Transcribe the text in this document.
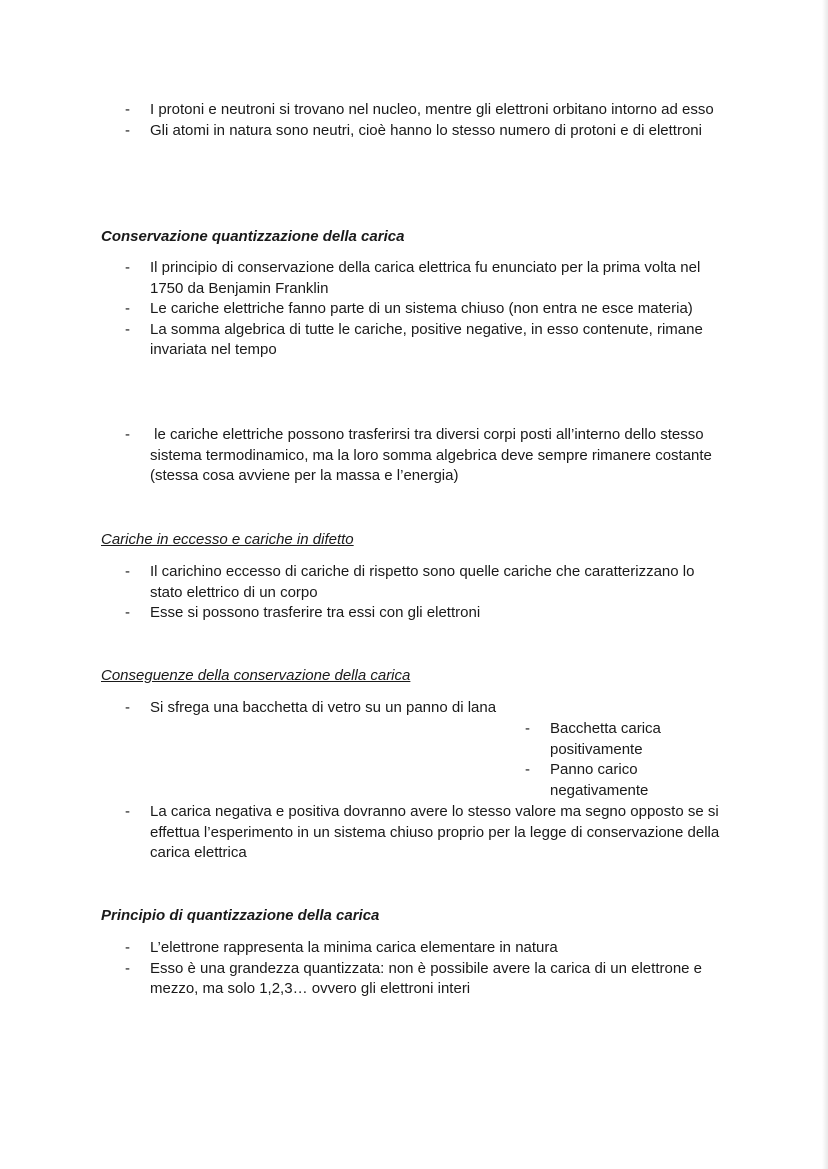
- I protoni e neutroni si trovano nel nucleo, mentre gli elettroni orbitano intorno ad esso
- Gli atomi in natura sono neutri, cioè hanno lo stesso numero di protoni e di elettroni
Conservazione quantizzazione della carica
- Il principio di conservazione della carica elettrica fu enunciato per la prima volta nel 1750 da Benjamin Franklin
- Le cariche elettriche fanno parte di un sistema chiuso (non entra ne esce materia)
- La somma algebrica di tutte le cariche, positive negative, in esso contenute, rimane invariata nel tempo
- le cariche elettriche possono trasferirsi tra diversi corpi posti all’interno dello stesso sistema termodinamico, ma la loro somma algebrica deve sempre rimanere costante (stessa cosa avviene per la massa e l’energia)
Cariche in eccesso e cariche in difetto
- Il carichino eccesso di cariche di rispetto sono quelle cariche che caratterizzano lo stato elettrico di un corpo
- Esse si possono trasferire tra essi con gli elettroni
Conseguenze della conservazione della carica
- Si sfrega una bacchetta di vetro su un panno di lana
- Bacchetta carica positivamente
- Panno carico negativamente
- La carica negativa e positiva dovranno avere lo stesso valore ma segno opposto se si effettua l’esperimento in un sistema chiuso proprio per la legge di conservazione della carica elettrica
Principio di quantizzazione della carica
- L’elettrone rappresenta la minima carica elementare in natura
- Esso è una grandezza quantizzata: non è possibile avere la carica di un elettrone e mezzo, ma solo 1,2,3… ovvero gli elettroni interi
